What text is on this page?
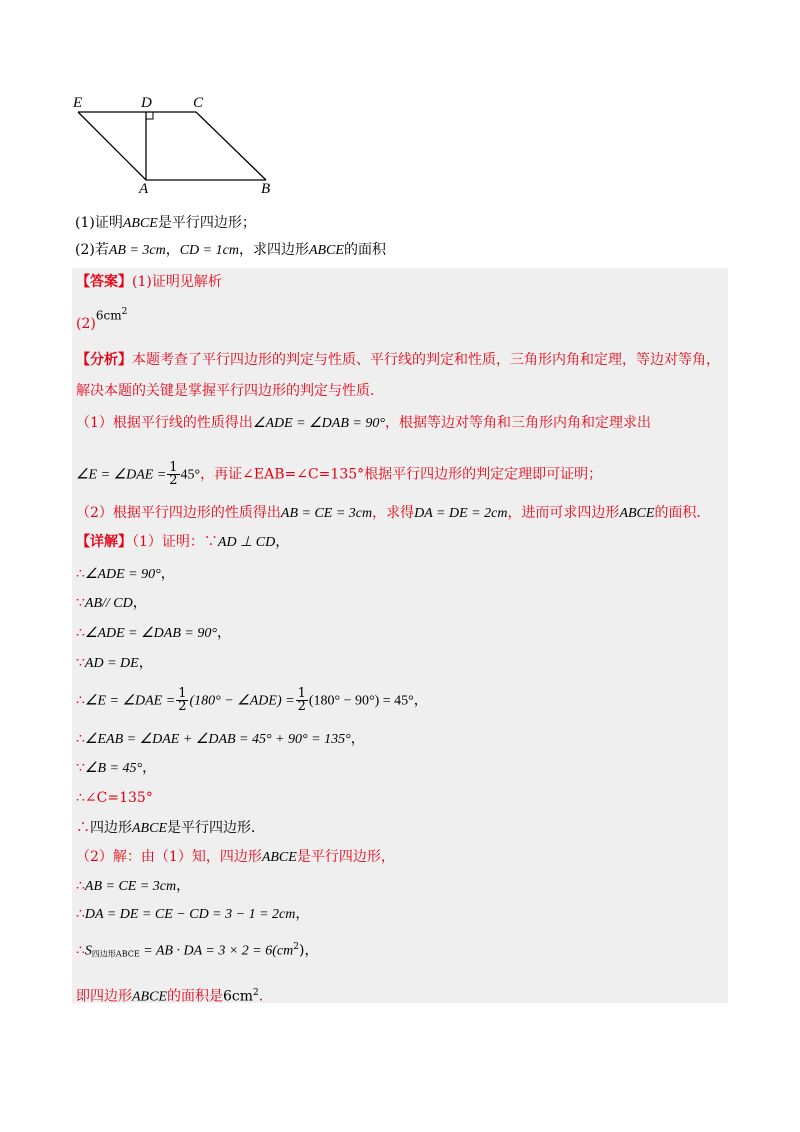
E	D	C
A	B
(1)证明ABCE是平行四边形；
(2)若AB = 3cm，CD = 1cm，求四边形ABCE的面积
【答案】(1)证明见解析
$(2)6cm^2$
【分析】本题考查了平行四边形的判定与性质、平行线的判定和性质，三角形内角和定理，等边对等角，
解决本题的关键是掌握平行四边形的判定与性质．
（1）根据平行线的性质得出∠ADE = ∠DAB = 90°，根据等边对等角和三角形内角和定理求出
∠E = ∠DAE = $\frac{1}{2} 45^\circ$，再证∠EAB=∠C=135°根据平行四边形的判定定理即可证明；
（2）根据平行四边形的性质得出AB = CE = 3cm，求得DA = DE = 2cm，进而可求四边形ABCE的面积．
【详解】（1）证明：∵AD ⊥ CD，
∴∠ADE = 90°，
∵AB// CD，
∴∠ADE = ∠DAB = 90°，
∵AD = DE，
∴∠E = ∠DAE = $\frac{1}{2} (180^\circ$ − ∠ADE) = $\frac{1}{2} (180^\circ - 90^\circ) = 45^\circ$，
∴∠EAB = ∠DAE + ∠DAB = 45° + 90° = 135°，
∵∠B = 45°，
∴∠C=135°
∴四边形ABCE是平行四边形．
（2）解：由（1）知，四边形ABCE是平行四边形，
∴AB = CE = 3cm，
∴DA = DE = CE − CD = 3 − 1 = 2cm，
∴S四边形ABCE = AB · DA = $3 \times 2 = 6(cm^2)$，
即四边形ABCE的面积是$6cm^2$．
